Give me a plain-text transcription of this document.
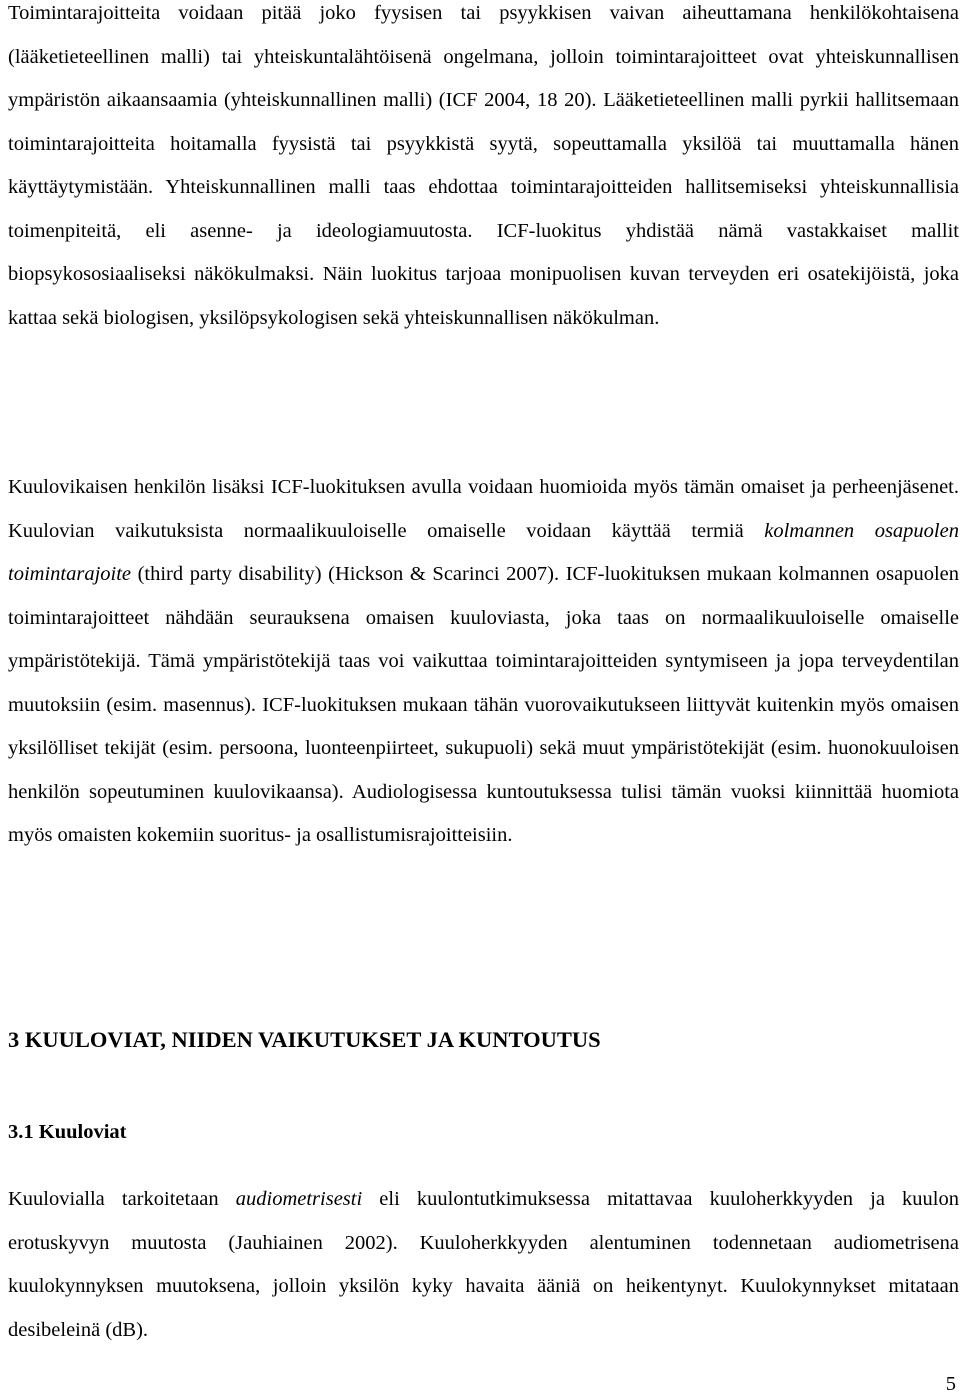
Toimintarajoitteita voidaan pitää joko fyysisen tai psyykkisen vaivan aiheuttamana henkilökohtaisena (lääketieteellinen malli) tai yhteiskuntalähtöisenä ongelmana, jolloin toimintarajoitteet ovat yhteiskunnallisen ympäristön aikaansaamia (yhteiskunnallinen malli) (ICF 2004, 18 20). Lääketieteellinen malli pyrkii hallitsemaan toimintarajoitteita hoitamalla fyysistä tai psyykkistä syytä, sopeuttamalla yksilöä tai muuttamalla hänen käyttäytymistään. Yhteiskunnallinen malli taas ehdottaa toimintarajoitteiden hallitsemiseksi yhteiskunnallisia toimenpiteitä, eli asenne- ja ideologiamuutosta. ICF-luokitus yhdistää nämä vastakkaiset mallit biopsykososiaaliseksi näkökulmaksi. Näin luokitus tarjoaa monipuolisen kuvan terveyden eri osatekijöistä, joka kattaa sekä biologisen, yksilöpsykologisen sekä yhteiskunnallisen näkökulman.

Kuulovikaisen henkilön lisäksi ICF-luokituksen avulla voidaan huomioida myös tämän omaiset ja perheenjäsenet. Kuulovian vaikutuksista normaalikuuloiselle omaiselle voidaan käyttää termiä kolmannen osapuolen toimintarajoite (third party disability) (Hickson & Scarinci 2007). ICF-luokituksen mukaan kolmannen osapuolen toimintarajoitteet nähdään seurauksena omaisen kuuloviasta, joka taas on normaalikuuloiselle omaiselle ympäristötekijä. Tämä ympäristötekijä taas voi vaikuttaa toimintarajoitteiden syntymiseen ja jopa terveydentilan muutoksiin (esim. masennus). ICF-luokituksen mukaan tähän vuorovaikutukseen liittyvät kuitenkin myös omaisen yksilölliset tekijät (esim. persoona, luonteenpiirteet, sukupuoli) sekä muut ympäristötekijät (esim. huonokuuloisen henkilön sopeutuminen kuulovikaansa). Audiologisessa kuntoutuksessa tulisi tämän vuoksi kiinnittää huomiota myös omaisten kokemiin suoritus- ja osallistumisrajoitteisiin.

3 KUULOVIAT, NIIDEN VAIKUTUKSET JA KUNTOUTUS
3.1 Kuuloviat

Kuulovialla tarkoitetaan audiometrisesti eli kuulontutkimuksessa mitattavaa kuuloherkkyyden ja kuulon erotuskyvyn muutosta (Jauhiainen 2002). Kuuloherkkyyden alentuminen todennetaan audiometrisena kuulokynnyksen muutoksena, jolloin yksilön kyky havaita ääniä on heikentynyt. Kuulokynnykset mitataan desibeleinä (dB).

5
